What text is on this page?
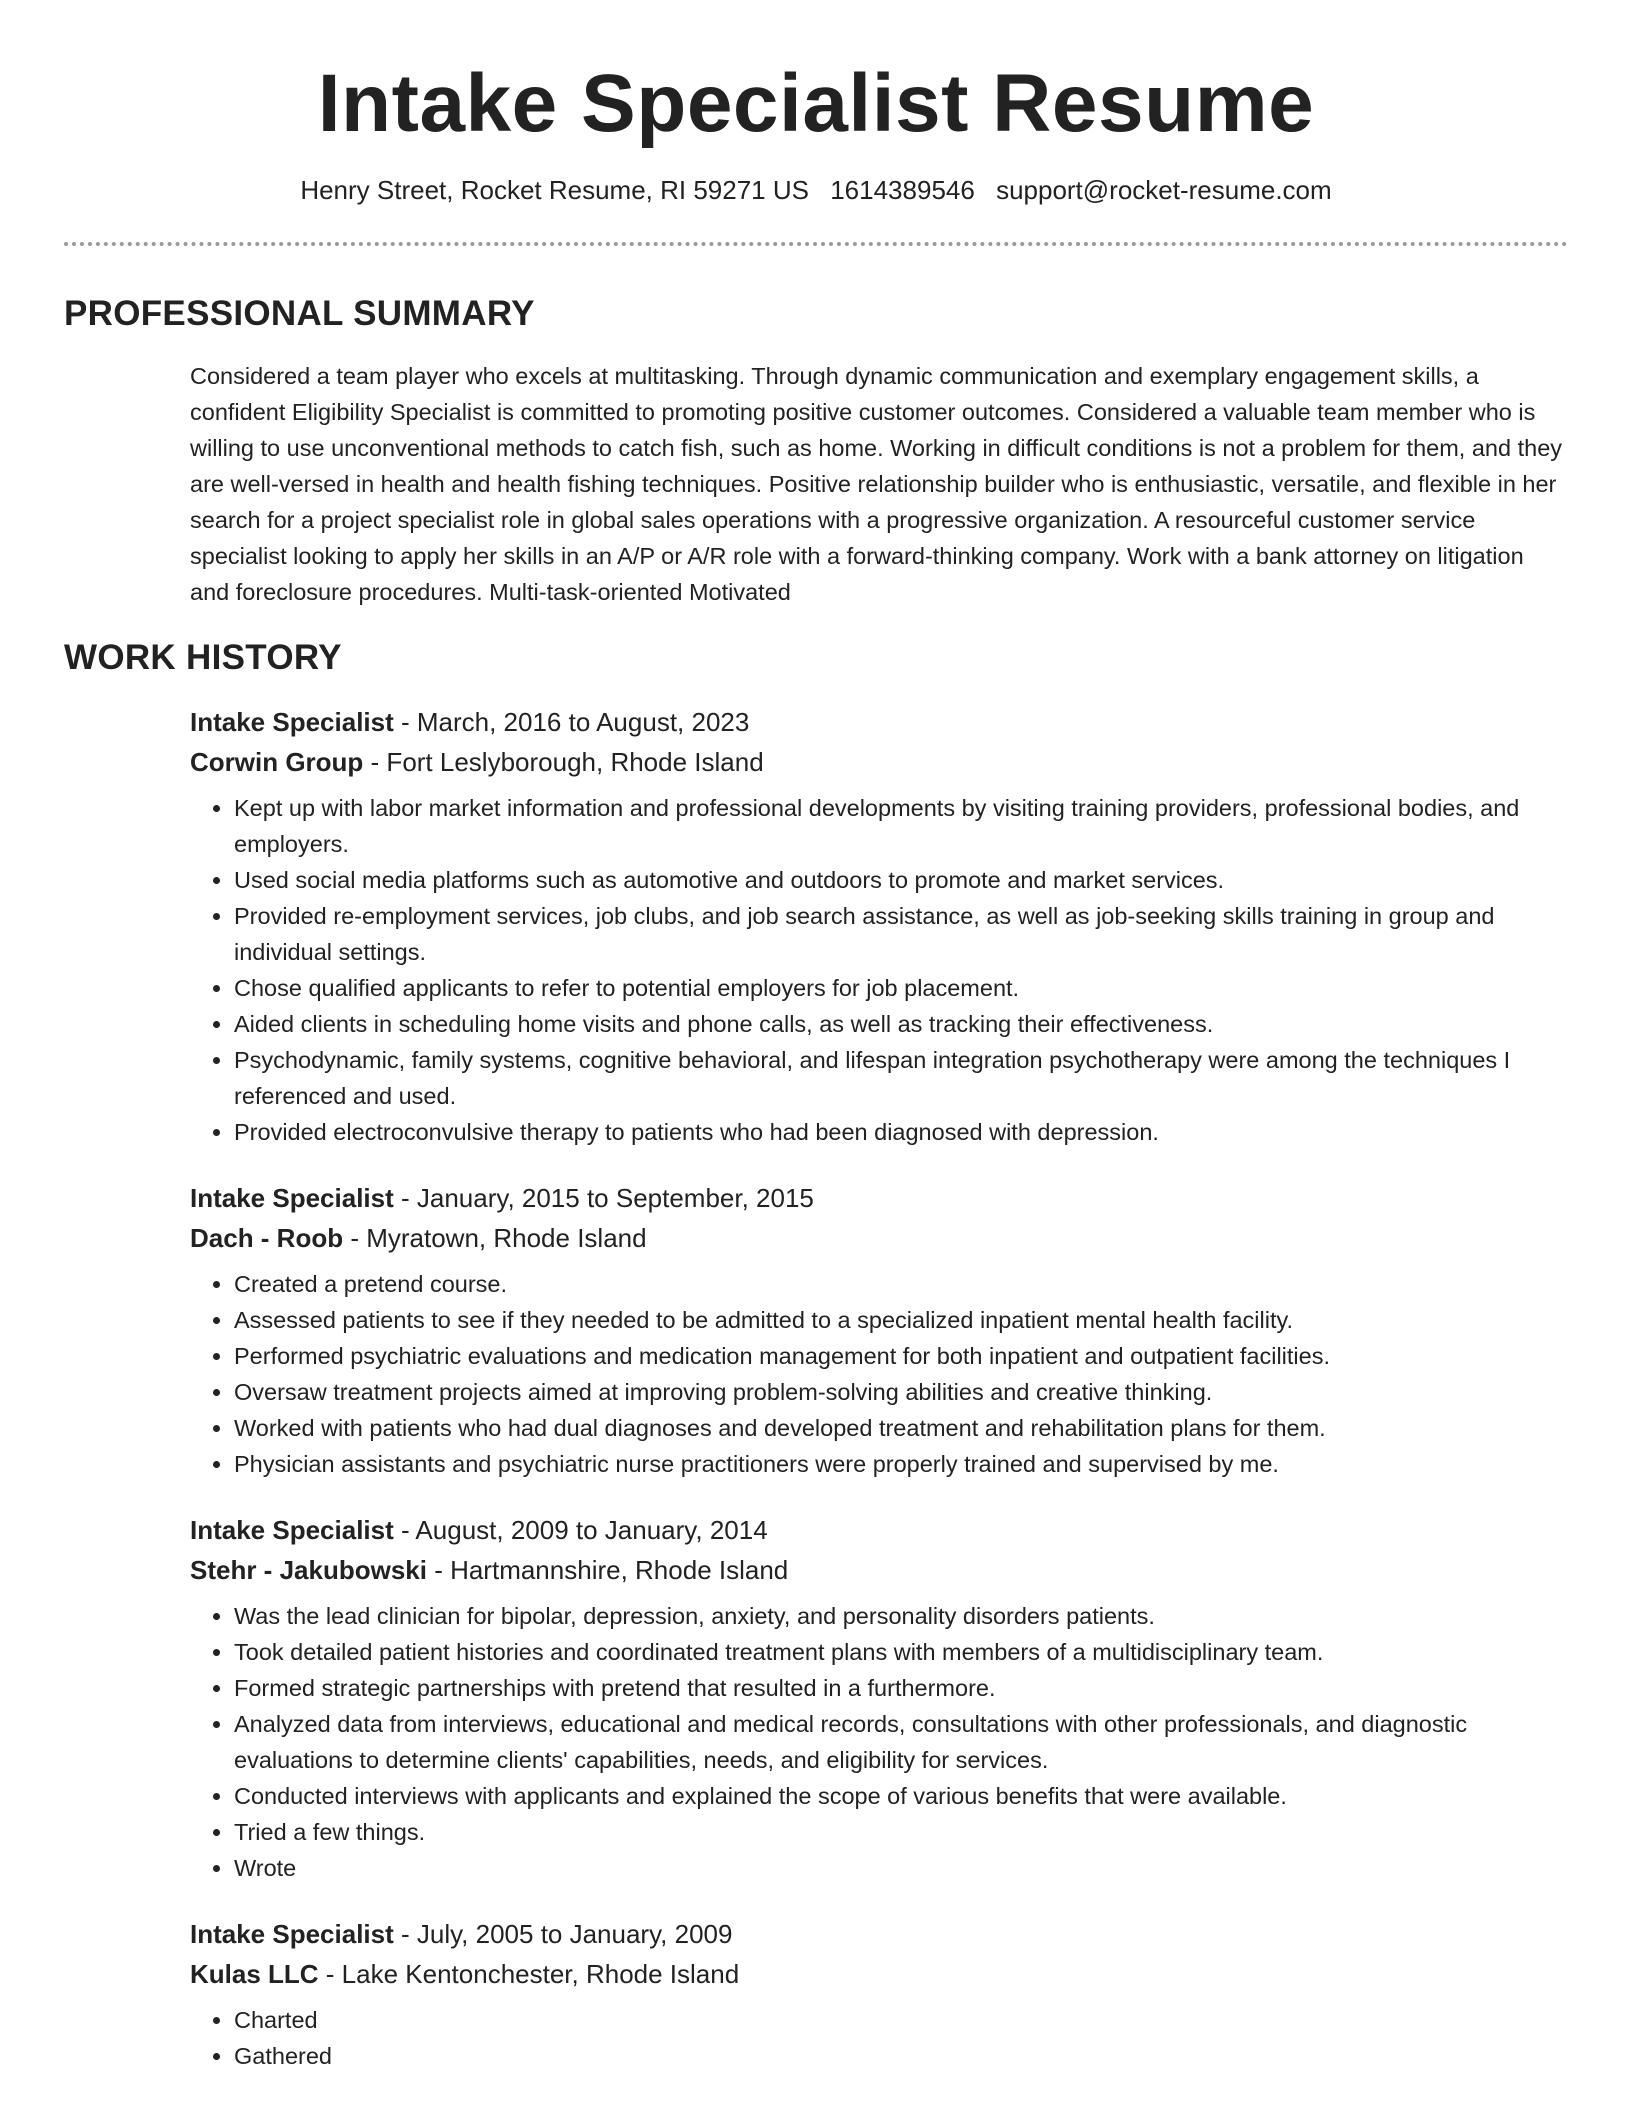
Intake Specialist Resume
Henry Street, Rocket Resume, RI 59271 US 1614389546 support@rocket-resume.com
PROFESSIONAL SUMMARY
Considered a team player who excels at multitasking. Through dynamic communication and exemplary engagement skills, a confident Eligibility Specialist is committed to promoting positive customer outcomes. Considered a valuable team member who is willing to use unconventional methods to catch fish, such as home. Working in difficult conditions is not a problem for them, and they are well-versed in health and health fishing techniques. Positive relationship builder who is enthusiastic, versatile, and flexible in her search for a project specialist role in global sales operations with a progressive organization. A resourceful customer service specialist looking to apply her skills in an A/P or A/R role with a forward-thinking company. Work with a bank attorney on litigation and foreclosure procedures. Multi-task-oriented Motivated
WORK HISTORY
Intake Specialist - March, 2016 to August, 2023
Corwin Group - Fort Leslyborough, Rhode Island
• Kept up with labor market information and professional developments by visiting training providers, professional bodies, and employers.
• Used social media platforms such as automotive and outdoors to promote and market services.
• Provided re-employment services, job clubs, and job search assistance, as well as job-seeking skills training in group and individual settings.
• Chose qualified applicants to refer to potential employers for job placement.
• Aided clients in scheduling home visits and phone calls, as well as tracking their effectiveness.
• Psychodynamic, family systems, cognitive behavioral, and lifespan integration psychotherapy were among the techniques I referenced and used.
• Provided electroconvulsive therapy to patients who had been diagnosed with depression.
Intake Specialist - January, 2015 to September, 2015
Dach - Roob - Myratown, Rhode Island
• Created a pretend course.
• Assessed patients to see if they needed to be admitted to a specialized inpatient mental health facility.
• Performed psychiatric evaluations and medication management for both inpatient and outpatient facilities.
• Oversaw treatment projects aimed at improving problem-solving abilities and creative thinking.
• Worked with patients who had dual diagnoses and developed treatment and rehabilitation plans for them.
• Physician assistants and psychiatric nurse practitioners were properly trained and supervised by me.
Intake Specialist - August, 2009 to January, 2014
Stehr - Jakubowski - Hartmannshire, Rhode Island
• Was the lead clinician for bipolar, depression, anxiety, and personality disorders patients.
• Took detailed patient histories and coordinated treatment plans with members of a multidisciplinary team.
• Formed strategic partnerships with pretend that resulted in a furthermore.
• Analyzed data from interviews, educational and medical records, consultations with other professionals, and diagnostic evaluations to determine clients' capabilities, needs, and eligibility for services.
• Conducted interviews with applicants and explained the scope of various benefits that were available.
• Tried a few things.
• Wrote
Intake Specialist - July, 2005 to January, 2009
Kulas LLC - Lake Kentonchester, Rhode Island
• Charted
• Gathered
